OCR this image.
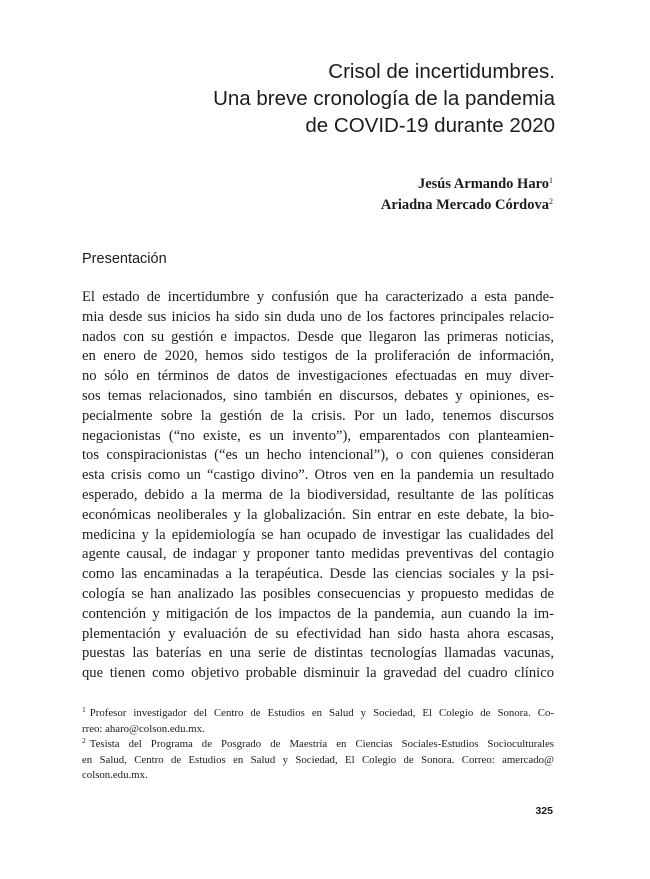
Crisol de incertidumbres.
Una breve cronología de la pandemia
de COVID-19 durante 2020
Jesús Armando Haro$^1$
Ariadna Mercado Córdova$^2$
Presentación

El estado de incertidumbre y confusión que ha caracterizado a esta pande-
mia desde sus inicios ha sido sin duda uno de los factores principales relacio-
nados con su gestión e impactos. Desde que llegaron las primeras noticias,
en enero de 2020, hemos sido testigos de la proliferación de información,
no sólo en términos de datos de investigaciones efectuadas en muy diver-
sos temas relacionados, sino también en discursos, debates y opiniones, es-
pecialmente sobre la gestión de la crisis. Por un lado, tenemos discursos
negacionistas (“no existe, es un invento”), emparentados con planteamien-
tos conspiracionistas (“es un hecho intencional”), o con quienes consideran
esta crisis como un “castigo divino”. Otros ven en la pandemia un resultado
esperado, debido a la merma de la biodiversidad, resultante de las políticas
económicas neoliberales y la globalización. Sin entrar en este debate, la bio-
medicina y la epidemiología se han ocupado de investigar las cualidades del
agente causal, de indagar y proponer tanto medidas preventivas del contagio
como las encaminadas a la terapéutica. Desde las ciencias sociales y la psi-
cología se han analizado las posibles consecuencias y propuesto medidas de
contención y mitigación de los impactos de la pandemia, aun cuando la im-
plementación y evaluación de su efectividad han sido hasta ahora escasas,
puestas las baterías en una serie de distintas tecnologías llamadas vacunas,
que tienen como objetivo probable disminuir la gravedad del cuadro clínico

$^1$ Profesor investigador del Centro de Estudios en Salud y Sociedad, El Colegio de Sonora. Co-
rreo: aharo@colson.edu.mx.
$^2$ Tesista del Programa de Posgrado de Maestría en Ciencias Sociales-Estudios Socioculturales
en Salud, Centro de Estudios en Salud y Sociedad, El Colegio de Sonora. Correo: amercado@
colson.edu.mx.
325
